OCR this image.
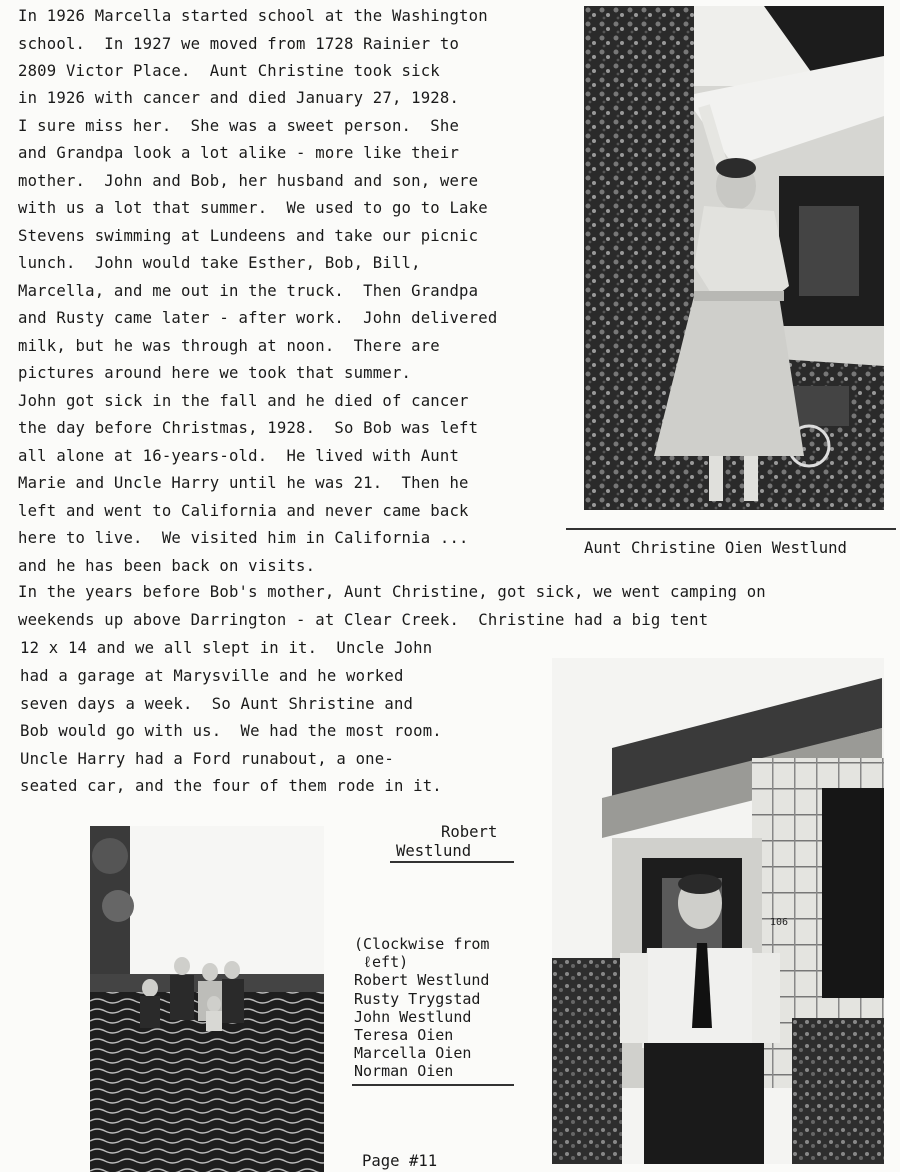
In 1926 Marcella started school at the Washington
school.  In 1927 we moved from 1728 Rainier to
2809 Victor Place.  Aunt Christine took sick
in 1926 with cancer and died January 27, 1928.
I sure miss her.  She was a sweet person.  She
and Grandpa look a lot alike - more like their
mother.  John and Bob, her husband and son, were
with us a lot that summer.  We used to go to Lake
Stevens swimming at Lundeens and take our picnic
lunch.  John would take Esther, Bob, Bill,
Marcella, and me out in the truck.  Then Grandpa
and Rusty came later - after work.  John delivered
milk, but he was through at noon.  There are
pictures around here we took that summer.
John got sick in the fall and he died of cancer
the day before Christmas, 1928.  So Bob was left
all alone at 16-years-old.  He lived with Aunt
Marie and Uncle Harry until he was 21.  Then he
left and went to California and never came back
here to live.  We visited him in California ...
and he has been back on visits.
In the years before Bob's mother, Aunt Christine, got sick, we went camping on
weekends up above Darrington - at Clear Creek.  Christine had a big tent
12 x 14 and we all slept in it.  Uncle John
had a garage at Marysville and he worked
seven days a week.  So Aunt Shristine and
Bob would go with us.  We had the most room.
Uncle Harry had a Ford runabout, a one-
seated car, and the four of them rode in it.
Aunt Christine Oien Westlund
Robert
Westlund
(Clockwise from
ℓeft)
Robert Westlund
Rusty Trygstad
John Westlund
Teresa Oien
Marcella Oien
Norman Oien
106
Page #11
